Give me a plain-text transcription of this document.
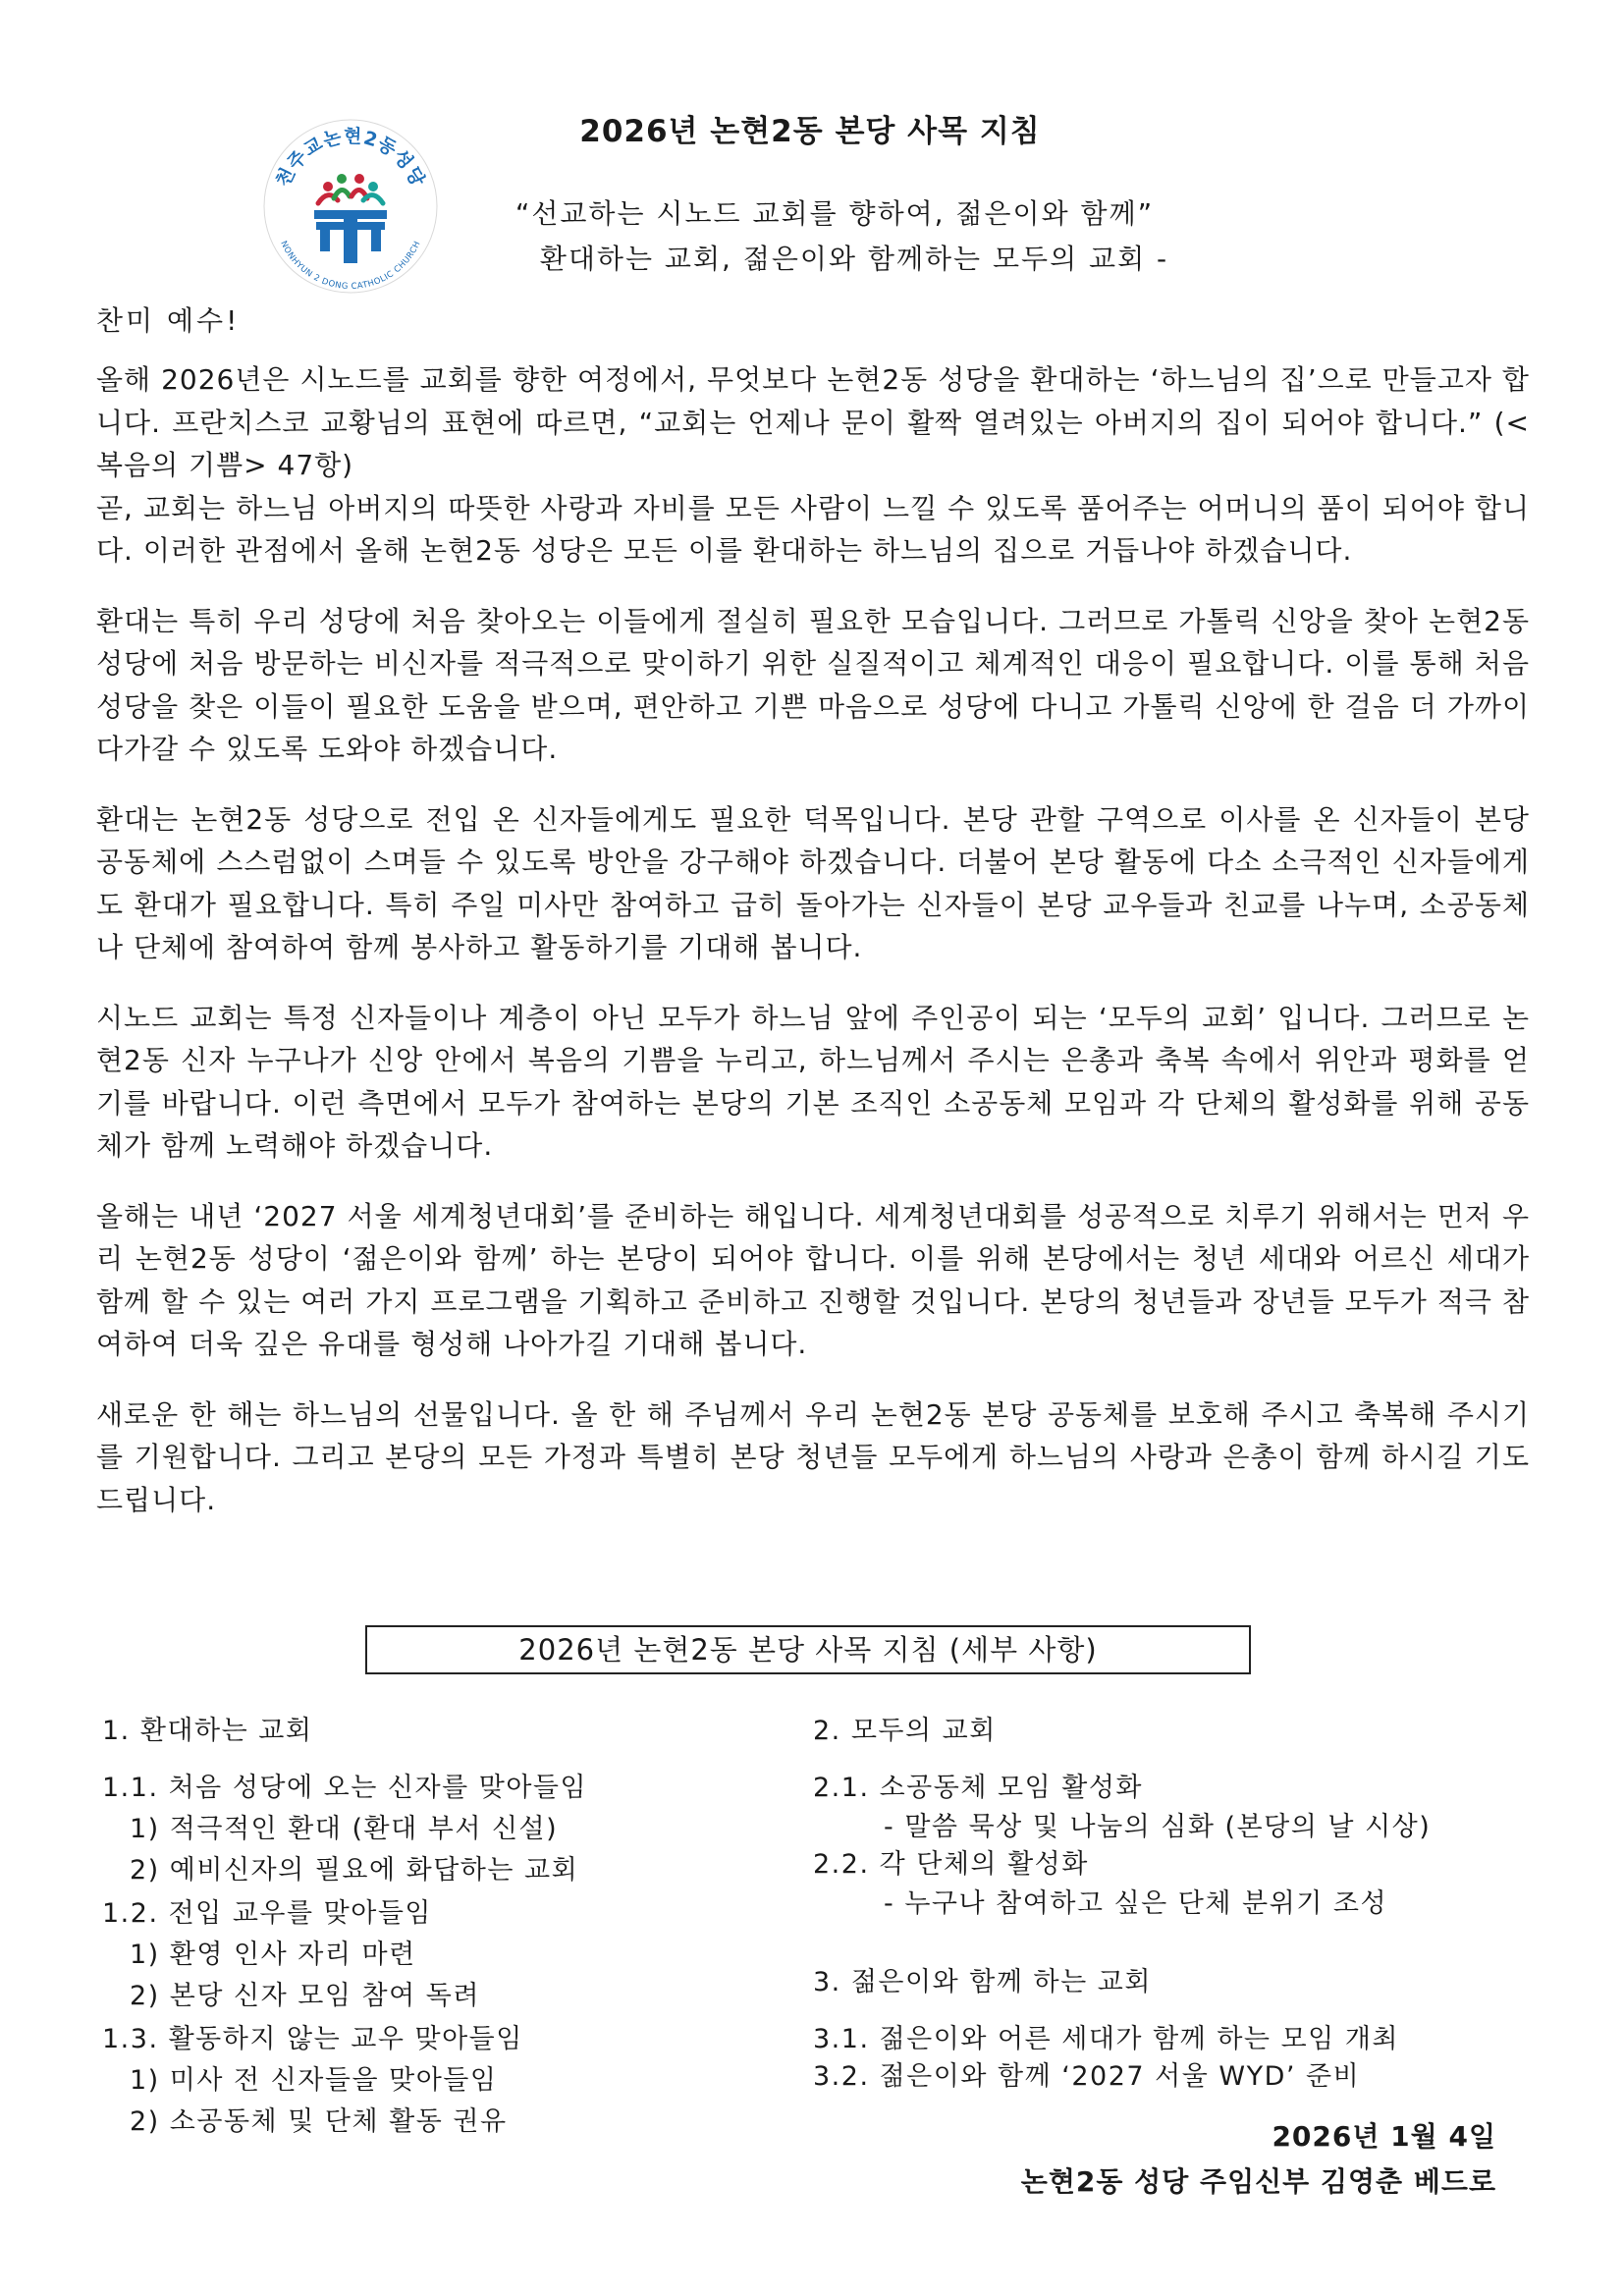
천주교논현2동성당
NONHYUN 2 DONG CATHOLIC CHURCH
2026년 논현2동 본당 사목 지침
“선교하는 시노드 교회를 향하여, 젊은이와 함께”
환대하는 교회, 젊은이와 함께하는 모두의 교회 -
찬미 예수!

올해 2026년은 시노드를 교회를 향한 여정에서, 무엇보다 논현2동 성당을 환대하는 ‘하느님의 집’으로 만들고자 합니다. 프란치스코 교황님의 표현에 따르면, “교회는 언제나 문이 활짝 열려있는 아버지의 집이 되어야 합니다.” (<복음의 기쁨> 47항)

곧, 교회는 하느님 아버지의 따뜻한 사랑과 자비를 모든 사람이 느낄 수 있도록 품어주는 어머니의 품이 되어야 합니다. 이러한 관점에서 올해 논현2동 성당은 모든 이를 환대하는 하느님의 집으로 거듭나야 하겠습니다.

환대는 특히 우리 성당에 처음 찾아오는 이들에게 절실히 필요한 모습입니다. 그러므로 가톨릭 신앙을 찾아 논현2동 성당에 처음 방문하는 비신자를 적극적으로 맞이하기 위한 실질적이고 체계적인 대응이 필요합니다. 이를 통해 처음 성당을 찾은 이들이 필요한 도움을 받으며, 편안하고 기쁜 마음으로 성당에 다니고 가톨릭 신앙에 한 걸음 더 가까이 다가갈 수 있도록 도와야 하겠습니다.

환대는 논현2동 성당으로 전입 온 신자들에게도 필요한 덕목입니다. 본당 관할 구역으로 이사를 온 신자들이 본당 공동체에 스스럼없이 스며들 수 있도록 방안을 강구해야 하겠습니다. 더불어 본당 활동에 다소 소극적인 신자들에게도 환대가 필요합니다. 특히 주일 미사만 참여하고 급히 돌아가는 신자들이 본당 교우들과 친교를 나누며, 소공동체나 단체에 참여하여 함께 봉사하고 활동하기를 기대해 봅니다.

시노드 교회는 특정 신자들이나 계층이 아닌 모두가 하느님 앞에 주인공이 되는 ‘모두의 교회’ 입니다. 그러므로 논현2동 신자 누구나가 신앙 안에서 복음의 기쁨을 누리고, 하느님께서 주시는 은총과 축복 속에서 위안과 평화를 얻기를 바랍니다. 이런 측면에서 모두가 참여하는 본당의 기본 조직인 소공동체 모임과 각 단체의 활성화를 위해 공동체가 함께 노력해야 하겠습니다.

올해는 내년 ‘2027 서울 세계청년대회’를 준비하는 해입니다. 세계청년대회를 성공적으로 치루기 위해서는 먼저 우리 논현2동 성당이 ‘젊은이와 함께’ 하는 본당이 되어야 합니다. 이를 위해 본당에서는 청년 세대와 어르신 세대가 함께 할 수 있는 여러 가지 프로그램을 기획하고 준비하고 진행할 것입니다. 본당의 청년들과 장년들 모두가 적극 참여하여 더욱 깊은 유대를 형성해 나아가길 기대해 봅니다.

새로운 한 해는 하느님의 선물입니다. 올 한 해 주님께서 우리 논현2동 본당 공동체를 보호해 주시고 축복해 주시기를 기원합니다. 그리고 본당의 모든 가정과 특별히 본당 청년들 모두에게 하느님의 사랑과 은총이 함께 하시길 기도드립니다.

2026년 논현2동 본당 사목 지침 (세부 사항)
1. 환대하는 교회
1.1. 처음 성당에 오는 신자를 맞아들임
1) 적극적인 환대 (환대 부서 신설)
2) 예비신자의 필요에 화답하는 교회
1.2. 전입 교우를 맞아들임
1) 환영 인사 자리 마련
2) 본당 신자 모임 참여 독려
1.3. 활동하지 않는 교우 맞아들임
1) 미사 전 신자들을 맞아들임
2) 소공동체 및 단체 활동 권유
2. 모두의 교회
2.1. 소공동체 모임 활성화
- 말씀 묵상 및 나눔의 심화 (본당의 날 시상)
2.2. 각 단체의 활성화
- 누구나 참여하고 싶은 단체 분위기 조성
3. 젊은이와 함께 하는 교회
3.1. 젊은이와 어른 세대가 함께 하는 모임 개최
3.2. 젊은이와 함께 ‘2027 서울 WYD’ 준비
2026년 1월 4일
논현2동 성당 주임신부 김영춘 베드로
